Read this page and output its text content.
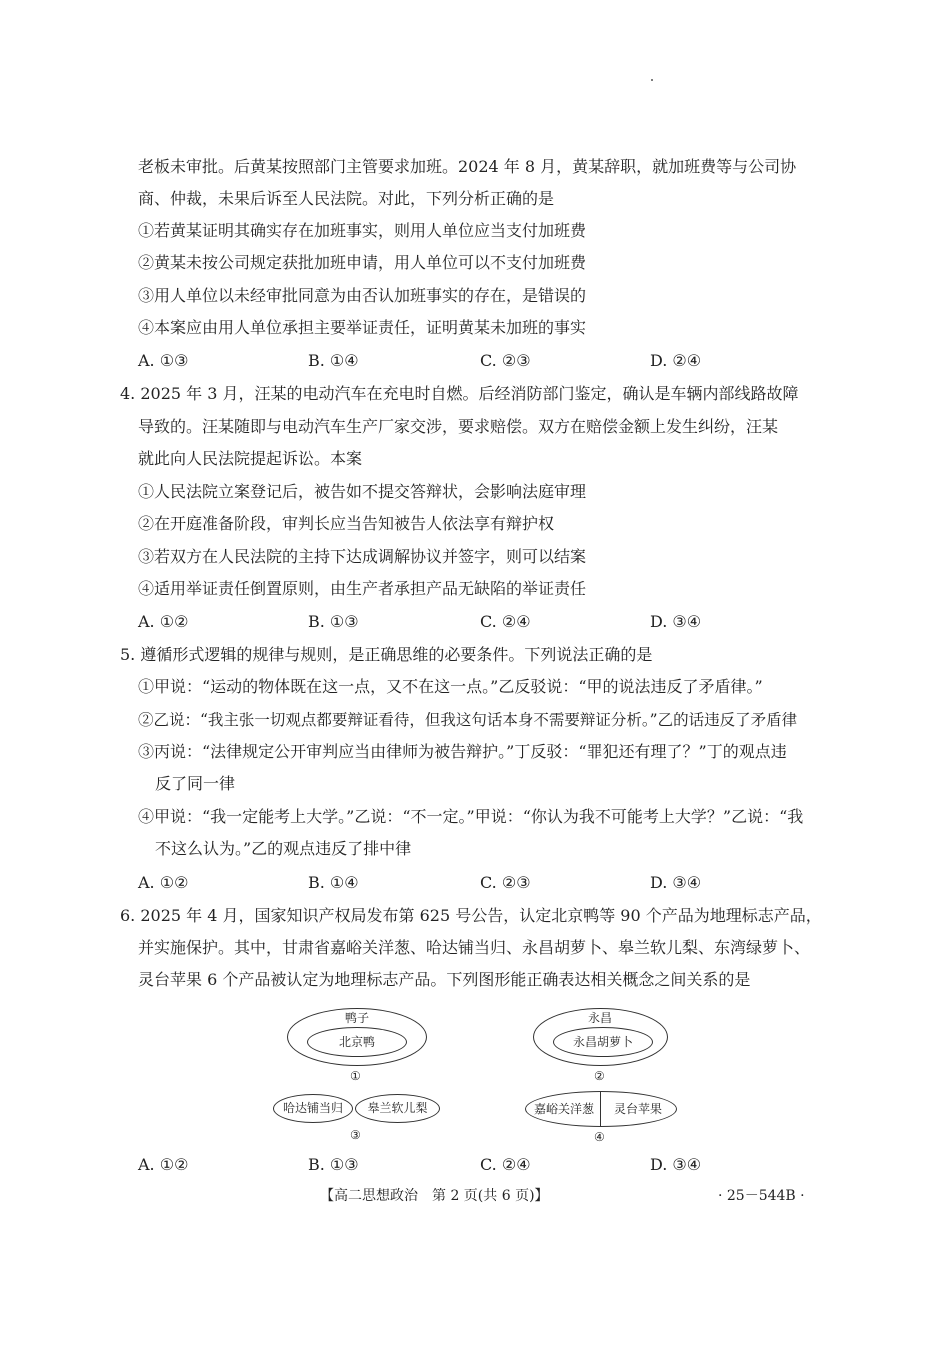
老板未审批。后黄某按照部门主管要求加班。2024 年 8 月，黄某辞职，就加班费等与公司协
商、仲裁，未果后诉至人民法院。对此，下列分析正确的是
①若黄某证明其确实存在加班事实，则用人单位应当支付加班费
②黄某未按公司规定获批加班申请，用人单位可以不支付加班费
③用人单位以未经审批同意为由否认加班事实的存在，是错误的
④本案应由用人单位承担主要举证责任，证明黄某未加班的事实
A. ①③	B. ①④	C. ②③	D. ②④
4. 2025 年 3 月，汪某的电动汽车在充电时自燃。后经消防部门鉴定，确认是车辆内部线路故障
导致的。汪某随即与电动汽车生产厂家交涉，要求赔偿。双方在赔偿金额上发生纠纷，汪某
就此向人民法院提起诉讼。本案
①人民法院立案登记后，被告如不提交答辩状，会影响法庭审理
②在开庭准备阶段，审判长应当告知被告人依法享有辩护权
③若双方在人民法院的主持下达成调解协议并签字，则可以结案
④适用举证责任倒置原则，由生产者承担产品无缺陷的举证责任
A. ①②	B. ①③	C. ②④	D. ③④
5. 遵循形式逻辑的规律与规则，是正确思维的必要条件。下列说法正确的是
①甲说：“运动的物体既在这一点，又不在这一点。”乙反驳说：“甲的说法违反了矛盾律。”
②乙说：“我主张一切观点都要辩证看待，但我这句话本身不需要辩证分析。”乙的话违反了矛盾律
③丙说：“法律规定公开审判应当由律师为被告辩护。”丁反驳：“罪犯还有理了？”丁的观点违
反了同一律
④甲说：“我一定能考上大学。”乙说：“不一定。”甲说：“你认为我不可能考上大学？”乙说：“我
不这么认为。”乙的观点违反了排中律
A. ①②	B. ①④	C. ②③	D. ③④
6. 2025 年 4 月，国家知识产权局发布第 625 号公告，认定北京鸭等 90 个产品为地理标志产品，
并实施保护。其中，甘肃省嘉峪关洋葱、哈达铺当归、永昌胡萝卜、皋兰软儿梨、东湾绿萝卜、
灵台苹果 6 个产品被认定为地理标志产品。下列图形能正确表达相关概念之间关系的是
鸭子
北京鸭
①
永昌
永昌胡萝卜
②
哈达铺当归	皋兰软儿梨
③
嘉峪关洋葱	灵台苹果
④
A. ①②	B. ①③	C. ②④	D. ③④
【高二思想政治　第 2 页(共 6 页)】	· 25－544B ·
